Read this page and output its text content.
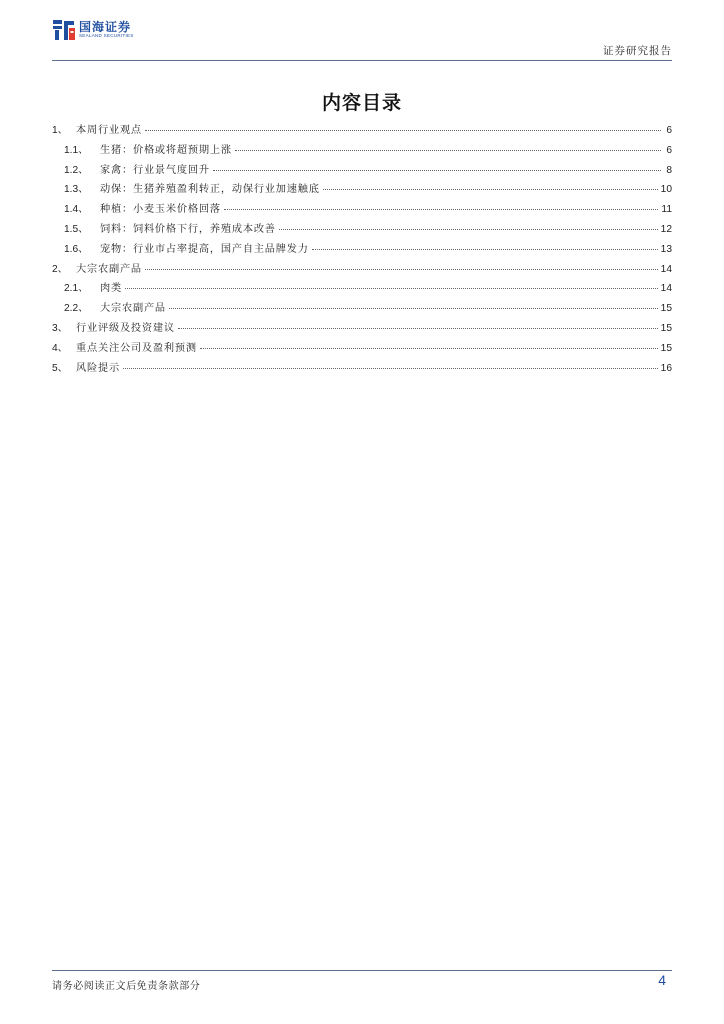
国海证券
SEALAND SECURITIES
证券研究报告
内容目录
1、 本周行业观点	6
1.1、	生猪：价格或将超预期上涨	6
1.2、	家禽：行业景气度回升	8
1.3、	动保：生猪养殖盈利转正，动保行业加速触底	10
1.4、	种植：小麦玉米价格回落	11
1.5、	饲料：饲料价格下行，养殖成本改善	12
1.6、	宠物：行业市占率提高，国产自主品牌发力	13
2、 大宗农副产品	14
2.1、	肉类	14
2.2、	大宗农副产品	15
3、 行业评级及投资建议	15
4、 重点关注公司及盈利预测	15
5、 风险提示	16
请务必阅读正文后免责条款部分	4
